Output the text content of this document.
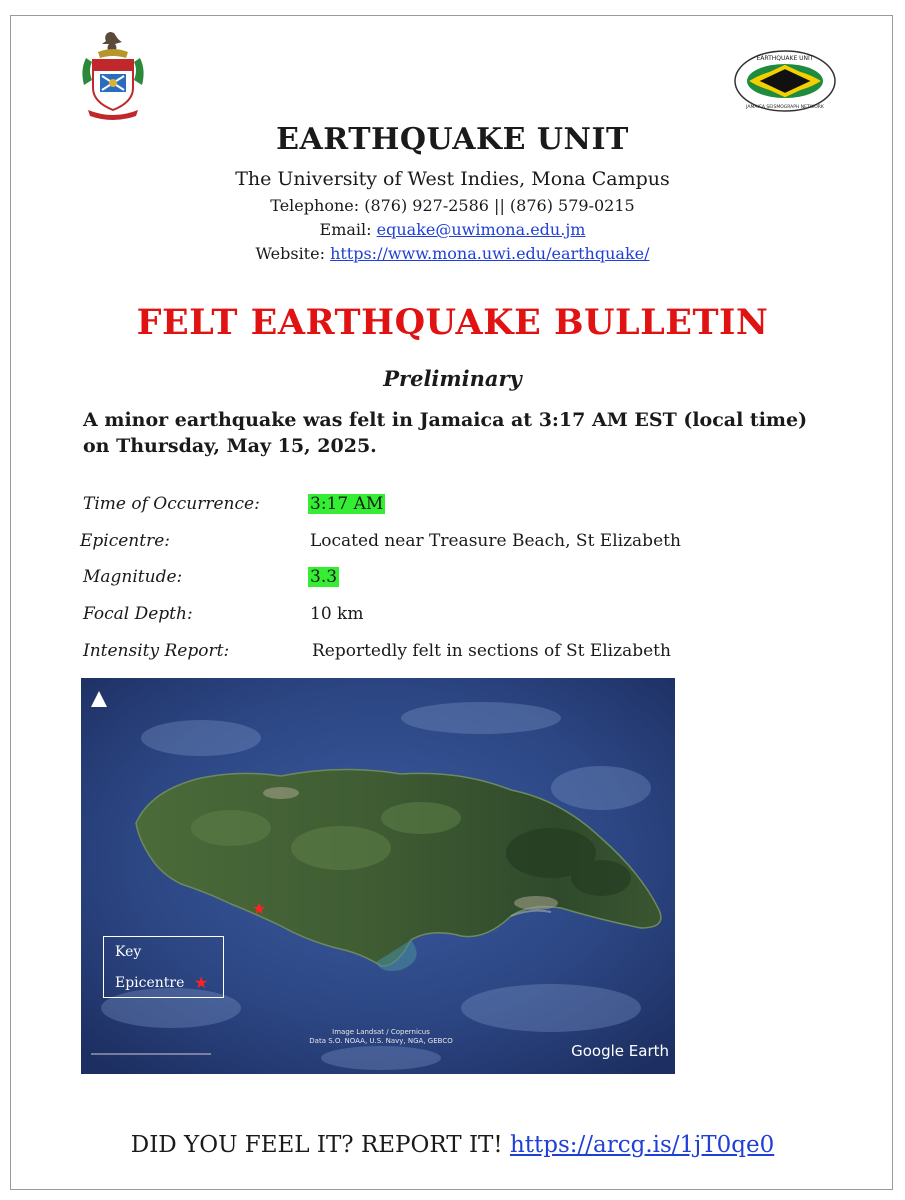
EARTHQUAKE UNIT
JAMAICA SEISMOGRAPH NETWORK
EARTHQUAKE UNIT
The University of West Indies, Mona Campus
Telephone: (876) 927-2586 || (876) 579-0215
Email: equake@uwimona.edu.jm
Website: https://www.mona.uwi.edu/earthquake/
FELT EARTHQUAKE BULLETIN
Preliminary
A minor earthquake was felt in Jamaica at 3:17 AM EST (local time) on Thursday, May 15, 2025.
Time of Occurrence:	3:17 AM
Epicentre:	Located near Treasure Beach, St Elizabeth
Magnitude:	3.3
Focal Depth:	10 km
Intensity Report:	Reportedly felt in sections of St Elizabeth
★
Key
Epicentre ★
Image Landsat / Copernicus
Data S.O. NOAA, U.S. Navy, NGA, GEBCO
Google Earth
DID YOU FEEL IT? REPORT IT! https://arcg.is/1jT0qe0
